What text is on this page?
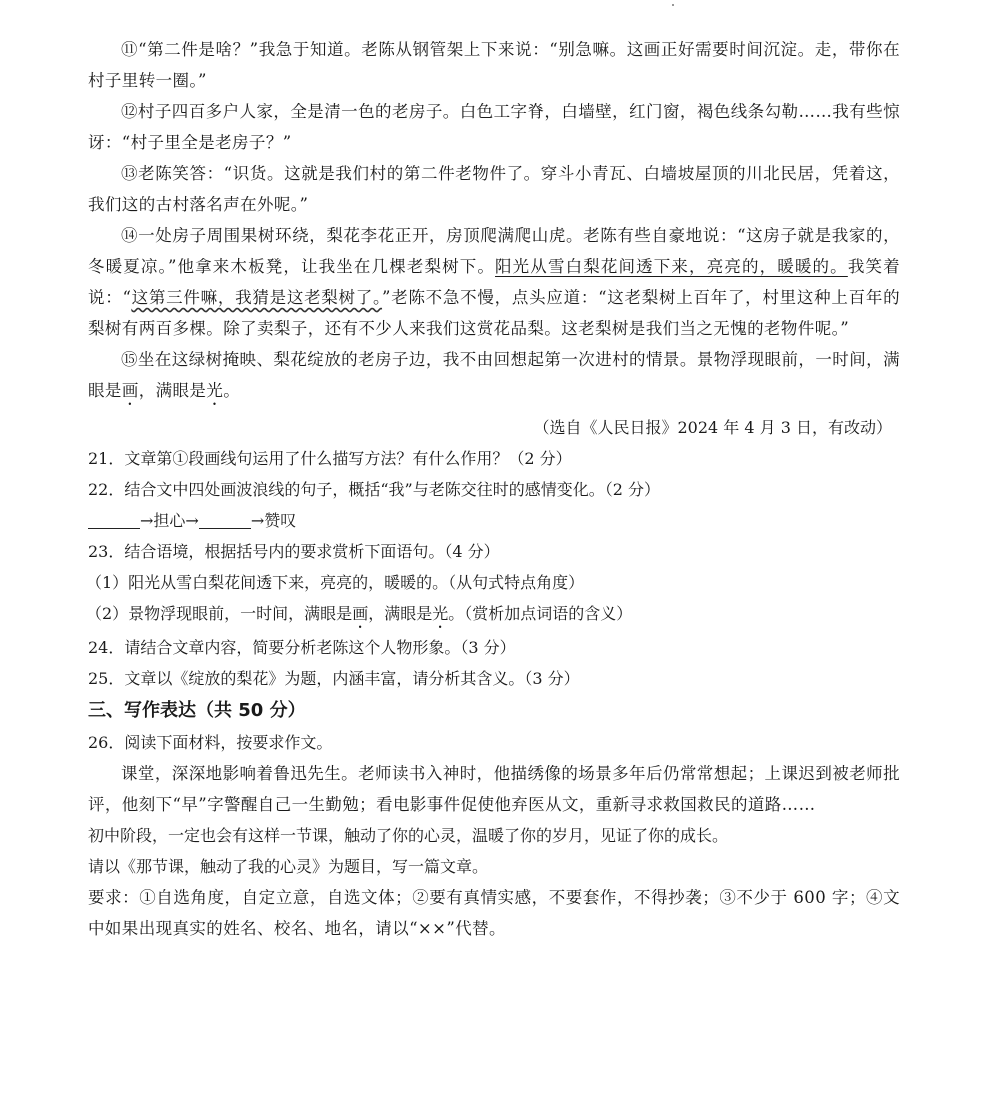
⑪“第二件是啥？”我急于知道。老陈从钢管架上下来说：“别急嘛。这画正好需要时间沉淀。走，带你在村子里转一圈。”

⑫村子四百多户人家，全是清一色的老房子。白色工字脊，白墙壁，红门窗，褐色线条勾勒……我有些惊讶：“村子里全是老房子？”

⑬老陈笑答：“识货。这就是我们村的第二件老物件了。穿斗小青瓦、白墙坡屋顶的川北民居，凭着这，我们这的古村落名声在外呢。”

⑭一处房子周围果树环绕，梨花李花正开，房顶爬满爬山虎。老陈有些自豪地说：“这房子就是我家的，冬暖夏凉。”他拿来木板凳，让我坐在几棵老梨树下。阳光从雪白梨花间透下来，亮亮的，暖暖的。我笑着说：“这第三件嘛，我猜是这老梨树了。”老陈不急不慢，点头应道：“这老梨树上百年了，村里这种上百年的梨树有两百多棵。除了卖梨子，还有不少人来我们这赏花品梨。这老梨树是我们当之无愧的老物件呢。”

⑮坐在这绿树掩映、梨花绽放的老房子边，我不由回想起第一次进村的情景。景物浮现眼前，一时间，满眼是画，满眼是光。

（选自《人民日报》2024 年 4 月 3 日，有改动）

21．文章第①段画线句运用了什么描写方法？有什么作用？（2 分）

22．结合文中四处画波浪线的句子，概括“我”与老陈交往时的感情变化。（2 分）

→担心→	→赞叹

23．结合语境，根据括号内的要求赏析下面语句。（4 分）

（1）阳光从雪白梨花间透下来，亮亮的，暖暖的。（从句式特点角度）

（2）景物浮现眼前，一时间，满眼是画，满眼是光。（赏析加点词语的含义）

24．请结合文章内容，简要分析老陈这个人物形象。（3 分）

25．文章以《绽放的梨花》为题，内涵丰富，请分析其含义。（3 分）

三、写作表达（共 50 分）

26．阅读下面材料，按要求作文。

课堂，深深地影响着鲁迅先生。老师读书入神时，他描绣像的场景多年后仍常常想起；上课迟到被老师批评，他刻下“早”字警醒自己一生勤勉；看电影事件促使他弃医从文，重新寻求救国救民的道路……

初中阶段，一定也会有这样一节课，触动了你的心灵，温暖了你的岁月，见证了你的成长。

请以《那节课，触动了我的心灵》为题目，写一篇文章。

要求：①自选角度，自定立意，自选文体；②要有真情实感，不要套作，不得抄袭；③不少于 600 字；④文中如果出现真实的姓名、校名、地名，请以“××”代替。
